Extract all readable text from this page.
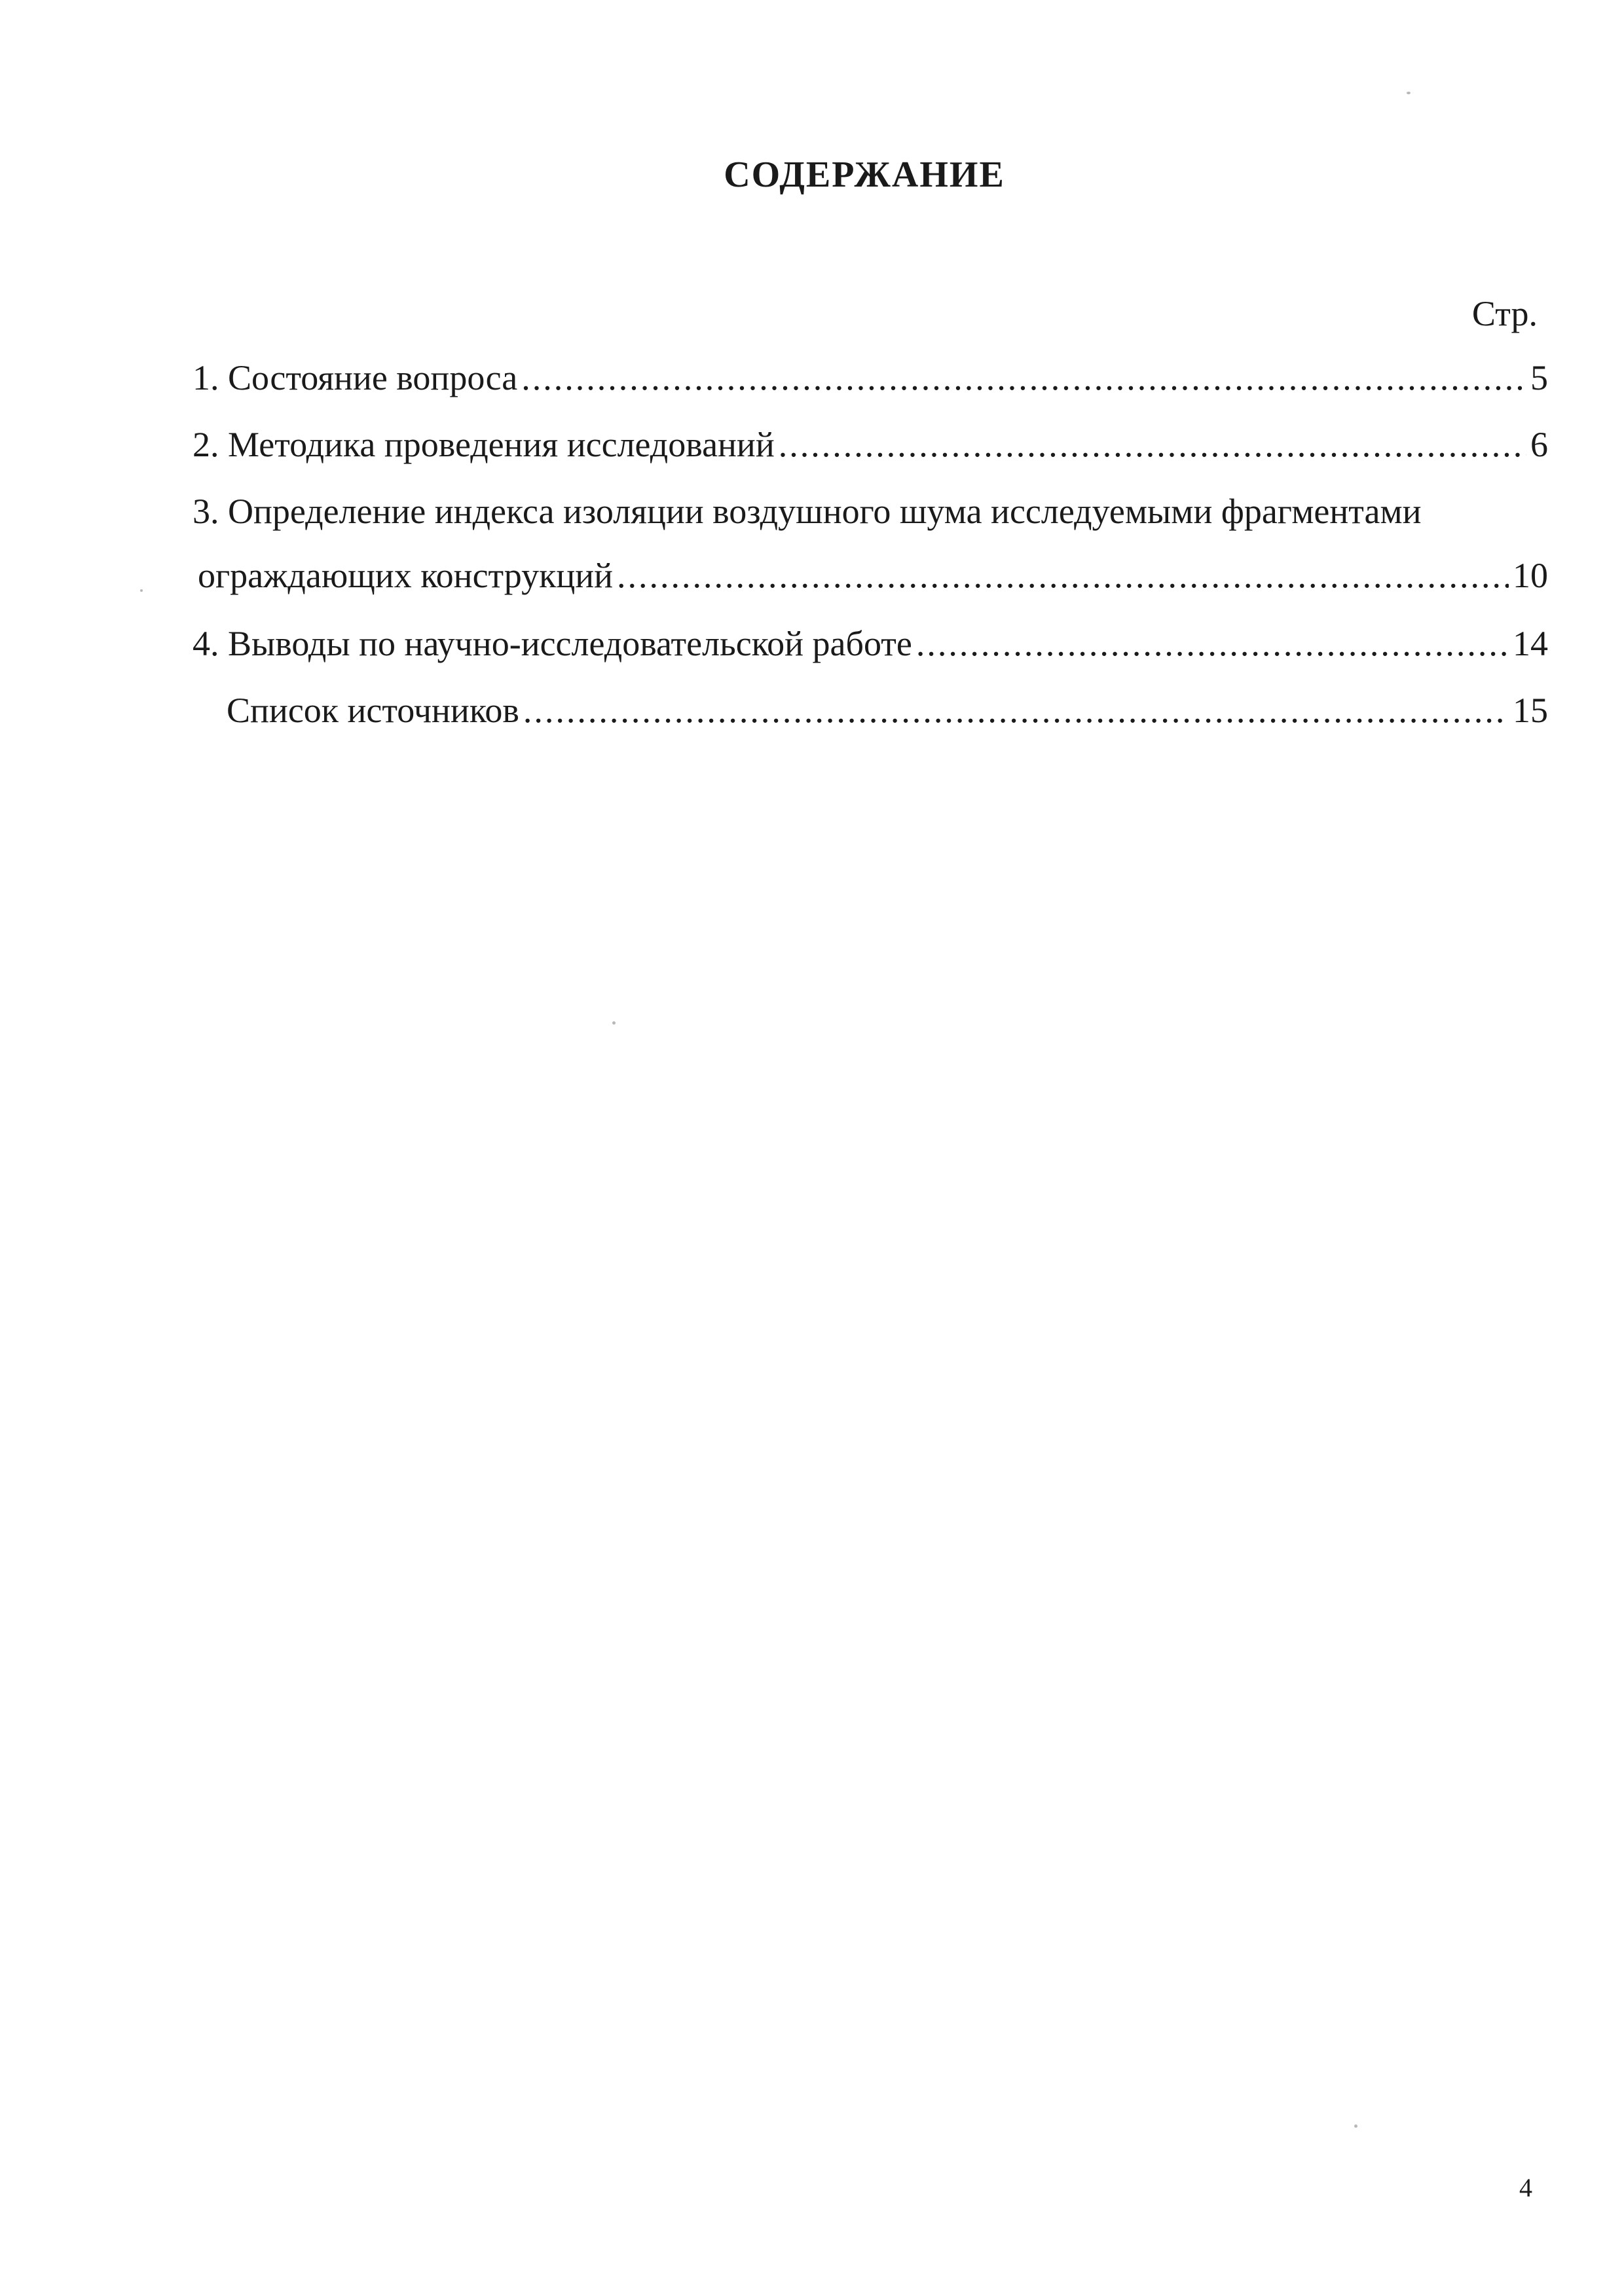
СОДЕРЖАНИЕ
Стр.
1. Состояние вопроса .....	5
2. Методика проведения исследований .....	6
3. Определение индекса изоляции воздушного шума исследуемыми фрагментами
ограждающих конструкций .....	10
4. Выводы по научно-исследовательской работе .....	14
Список источников .....	15
4
